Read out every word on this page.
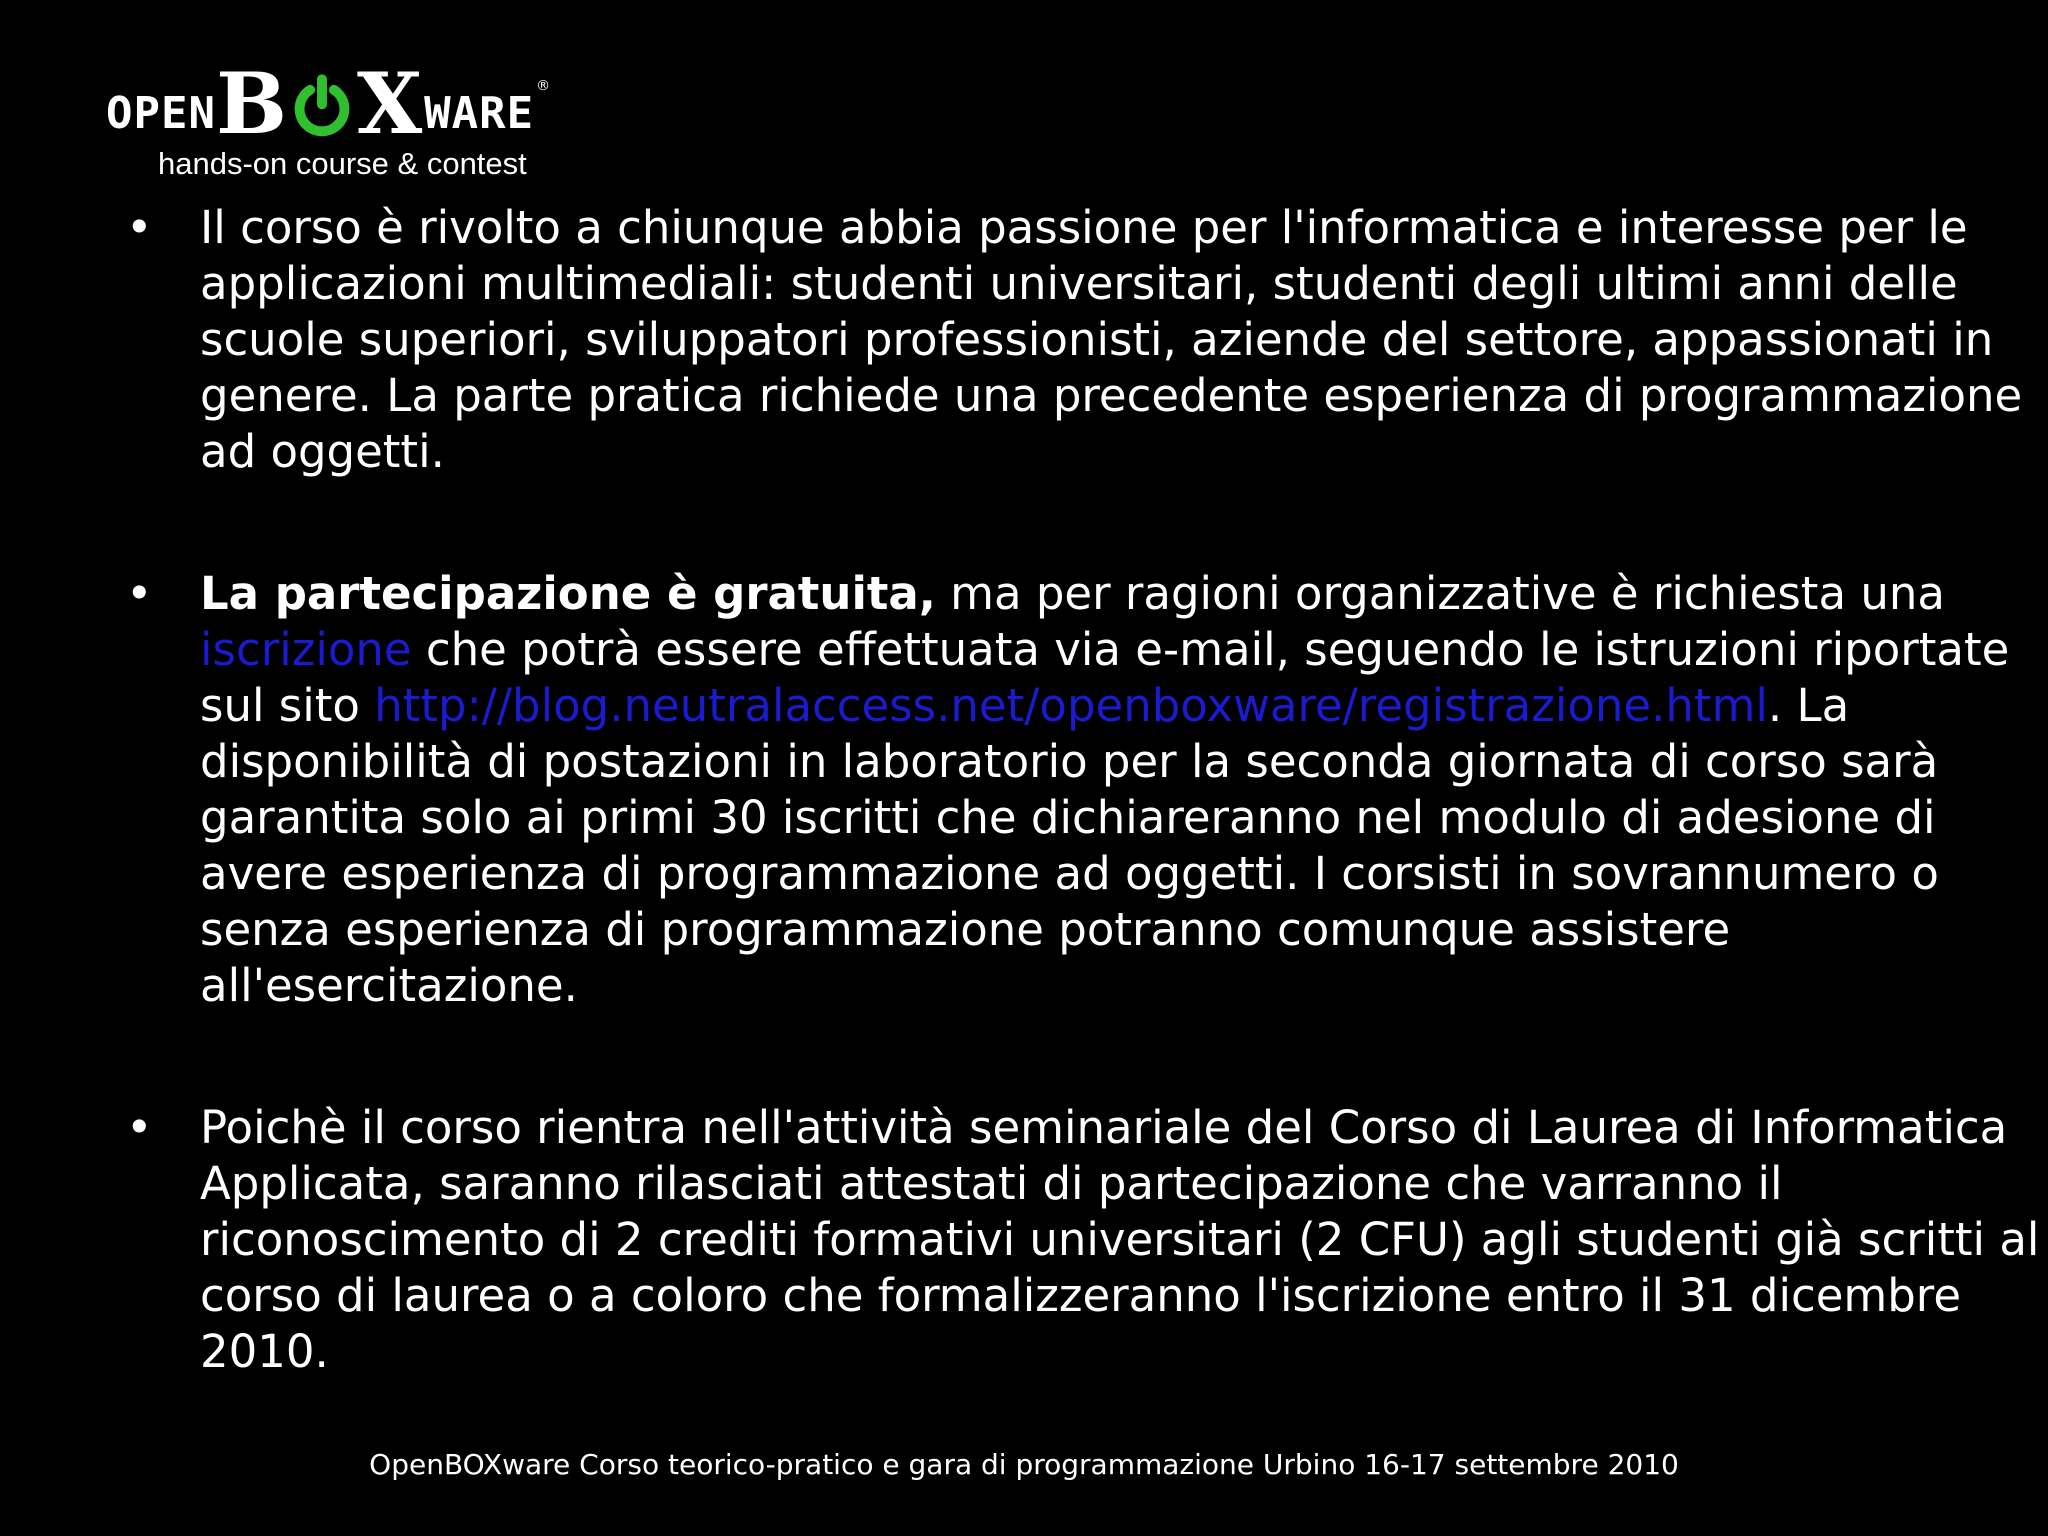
OPEN B X WARE
®
hands-on course & contest
• Il corso è rivolto a chiunque abbia passione per l'informatica e interesse per le applicazioni multimediali: studenti universitari, studenti degli ultimi anni delle scuole superiori, sviluppatori professionisti, aziende del settore, appassionati in genere. La parte pratica richiede una precedente esperienza di programmazione ad oggetti.
• La partecipazione è gratuita, ma per ragioni organizzative è richiesta una iscrizione che potrà essere effettuata via e-mail, seguendo le istruzioni riportate sul sito http://blog.neutralaccess.net/openboxware/registrazione.html. La disponibilità di postazioni in laboratorio per la seconda giornata di corso sarà garantita solo ai primi 30 iscritti che dichiareranno nel modulo di adesione di avere esperienza di programmazione ad oggetti. I corsisti in sovrannumero o senza esperienza di programmazione potranno comunque assistere all'esercitazione.
• Poichè il corso rientra nell'attività seminariale del Corso di Laurea di Informatica Applicata, saranno rilasciati attestati di partecipazione che varranno il riconoscimento di 2 crediti formativi universitari (2 CFU) agli studenti già scritti al corso di laurea o a coloro che formalizzeranno l'iscrizione entro il 31 dicembre 2010.
OpenBOXware Corso teorico-pratico e gara di programmazione Urbino 16-17 settembre 2010
